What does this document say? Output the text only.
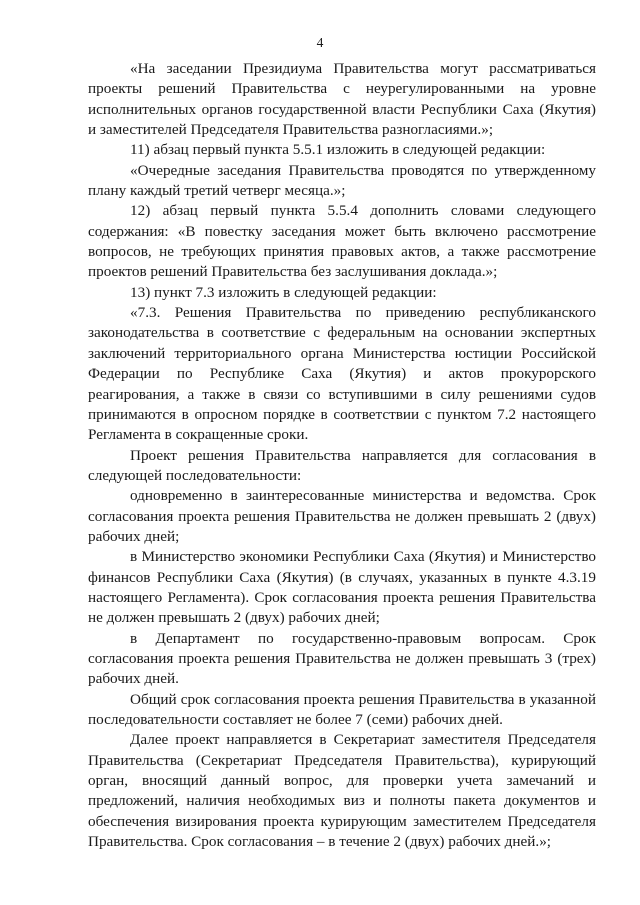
4

«На заседании Президиума Правительства могут рассматриваться проекты решений Правительства с неурегулированными на уровне исполнительных органов государственной власти Республики Саха (Якутия) и заместителей Председателя Правительства разногласиями.»;

11) абзац первый пункта 5.5.1 изложить в следующей редакции:

«Очередные заседания Правительства проводятся по утвержденному плану каждый третий четверг месяца.»;

12) абзац первый пункта 5.5.4 дополнить словами следующего содержания: «В повестку заседания может быть включено рассмотрение вопросов, не требующих принятия правовых актов, а также рассмотрение проектов решений Правительства без заслушивания доклада.»;

13) пункт 7.3 изложить в следующей редакции:

«7.3. Решения Правительства по приведению республиканского законодательства в соответствие с федеральным на основании экспертных заключений территориального органа Министерства юстиции Российской Федерации по Республике Саха (Якутия) и актов прокурорского реагирования, а также в связи со вступившими в силу решениями судов принимаются в опросном порядке в соответствии с пунктом 7.2 настоящего Регламента в сокращенные сроки.

Проект решения Правительства направляется для согласования в следующей последовательности:

одновременно в заинтересованные министерства и ведомства. Срок согласования проекта решения Правительства не должен превышать 2 (двух) рабочих дней;

в Министерство экономики Республики Саха (Якутия) и Министерство финансов Республики Саха (Якутия) (в случаях, указанных в пункте 4.3.19 настоящего Регламента). Срок согласования проекта решения Правительства не должен превышать 2 (двух) рабочих дней;

в Департамент по государственно-правовым вопросам. Срок согласования проекта решения Правительства не должен превышать 3 (трех) рабочих дней.

Общий срок согласования проекта решения Правительства в указанной последовательности составляет не более 7 (семи) рабочих дней.

Далее проект направляется в Секретариат заместителя Председателя Правительства (Секретариат Председателя Правительства), курирующий орган, вносящий данный вопрос, для проверки учета замечаний и предложений, наличия необходимых виз и полноты пакета документов и обеспечения визирования проекта курирующим заместителем Председателя Правительства. Срок согласования – в течение 2 (двух) рабочих дней.»;
